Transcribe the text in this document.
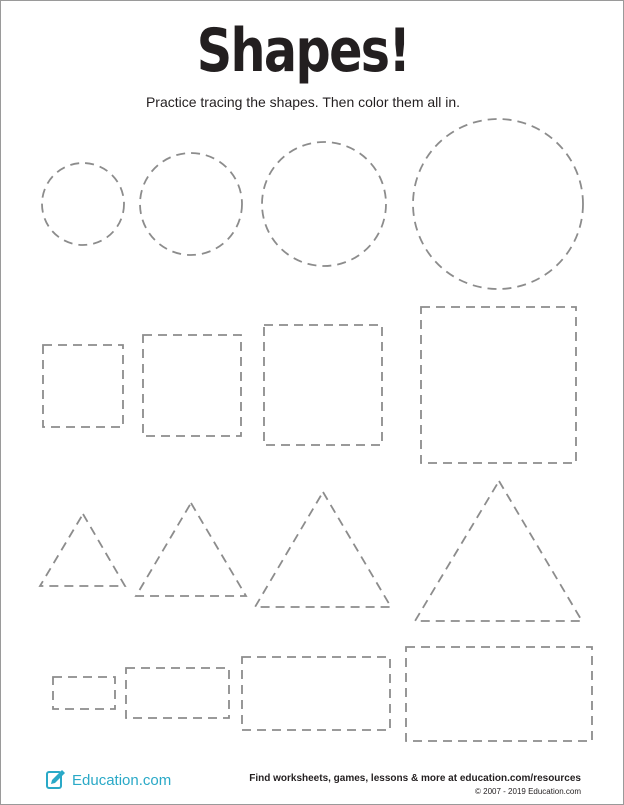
Shapes!
Practice tracing the shapes. Then color them all in.
Education.com	Find worksheets, games, lessons & more at education.com/resources
© 2007 - 2019 Education.com
